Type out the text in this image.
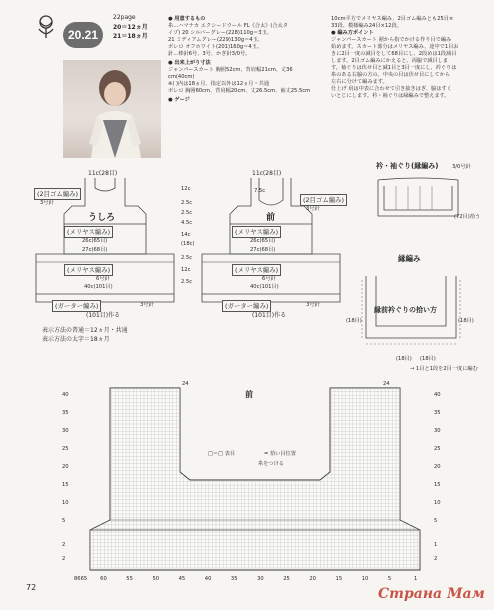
20.21
22page
20＝12ヵ月
21＝18ヵ月
● 用意するもの
糸…ハマナカ エクシードウール FL《合太》(合太タ
イプ) 20 シルバーグレー(228)110g＝3玉、
21 ミディアムグレー(229)130g＝4玉、
ボレロ オフホワイト(201)160g＝4玉。
針…棒針6号、3号、かぎ針3/0号。
● 出来上がり寸法
ジャンパースカート 胸囲52cm、背肩幅21cm、丈36
cm(40cm)
※( )内は18ヵ月、指定以外は12ヵ月・共通
ボレロ 胸囲60cm、背肩幅20cm、丈26.5cm、袖丈25.5cm
● ゲージ
10cm平方でメリヤス編み、2目ゴム編みとも25目×
33段、模様編み24目×12段。
● 編み方ポイント
ジャンパースカート 裾から指でかける作り目で編み
始めます。スカート部分はメリヤス編み、途中で1目お
きに2目一度の減目をして68目にし、2段めは1段減目
します。2目ゴム編みにかえると、両脇で減目しま
す。袖ぐりは伏せ目と減1目と3目一度にし、衿ぐりは
糸のある右脇の方の、中央の目は伏せ目にしてから
左右に分けて編みます。
仕上げ 肩は中表に合わせて引き抜きはぎ、脇はすく
いとじにします。衿・袖ぐりは縁編みで整えます。
11c(28目)
うしろ
(2目ゴム編み)
3号針
(メリヤス編み)
26c(65目)
27c(68目)
(メリヤス編み)
6号針
40c(101目)
(ガーター編み)	3号針
(101目)作る
12c
2.5c
2.5c
4.5c
14c
(18c)
2.5c
12c
2.5c
11c(28目)
7.5c
前
(2目ゴム編み)
3号針
(メリヤス編み)
26c(65目)
27c(68目)
(メリヤス編み)
6号針
40c(101目)
(ガーター編み)	3号針
(101目)作る
表示方法の普通＝12ヵ月・共通
表示方法の太字＝18ヵ月
衿・袖ぐり(縁編み)	3/0号針
縁編み
縁前衿ぐりの拾い方
(18目)	(18目)
(72目)拾う
(18目) (18目)
→ 1目と1段を2目一度に編む
前
□＝□ 表目	= 拾い目位置
糸をつける
24	24
40
35
30
25
20
15
10
5
2
2
40
35
30
25
20
15
10
5
1
2
8665 60	55	50	45	40	35	30	25	20	15	10	5	1
72	Страна Мам
